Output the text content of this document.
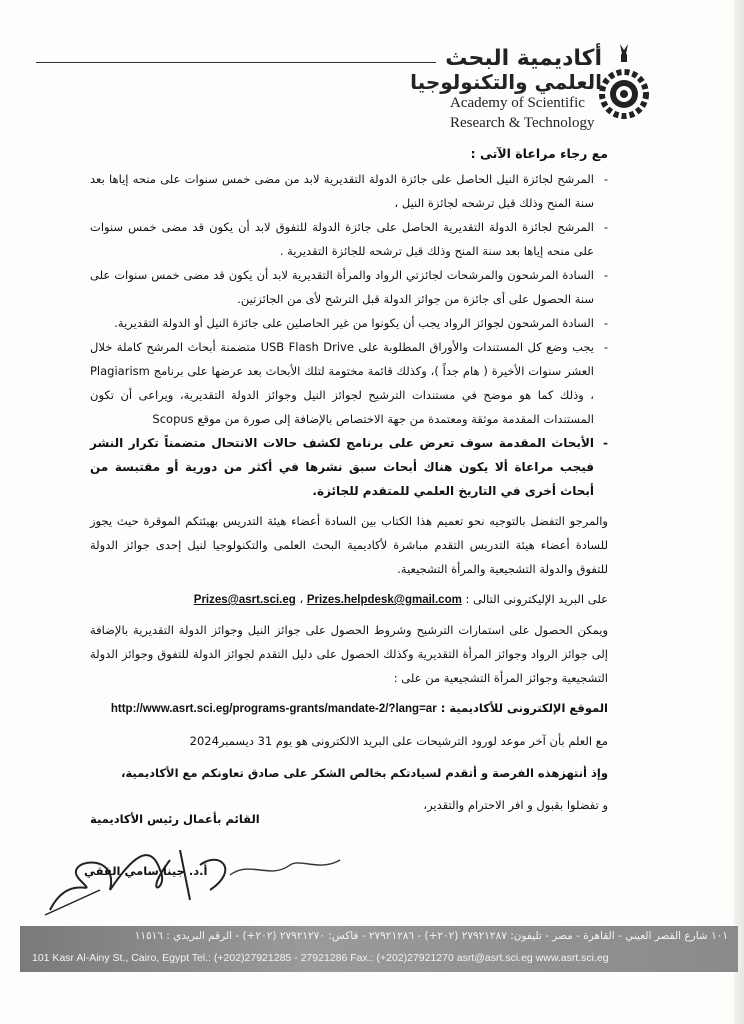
أكاديمية البحث
العلمي والتكنولوجيا
Academy of Scientific
Research & Technology
مع رجاء مراعاة الآتى :
-
المرشح لجائزة النيل الحاصل على جائزة الدولة التقديرية لابد من مضى خمس سنوات على منحه إياها بعد سنة المنح وذلك قبل ترشحه لجائزة النيل ،
-
المرشح لجائزة الدولة التقديرية الحاصل على جائزة الدولة للتفوق لابد أن يكون قد مضى خمس سنوات على منحه إياها بعد سنة المنح وذلك قبل ترشحه للجائزة التقديرية .
-
السادة المرشحون والمرشحات لجائزتي الرواد والمرأة التقديرية لابد أن يكون قد مضى خمس سنوات على سنة الحصول على أى جائزة من جوائز الدولة قبل الترشح لأى من الجائزتين.
-
السادة المرشحون لجوائز الرواد يجب أن يكونوا من غير الحاصلين على جائزة النيل أو الدولة التقديرية.
-
يجب وضع كل المستندات والأوراق المطلوبة على USB Flash Drive متضمنة أبحاث المرشح كاملة خلال العشر سنوات الأخيرة ( هام جداً )، وكذلك قائمة مختومة لتلك الأبحاث بعد عرضها على برنامج Plagiarism ، وذلك كما هو موضح في مستندات الترشيح لجوائز النيل وجوائز الدولة التقديرية، ويراعى أن تكون المستندات المقدمة موثقة ومعتمدة من جهة الاختصاص بالإضافة إلى صورة من موقع Scopus
-
الأبحاث المقدمة سوف تعرض على برنامج لكشف حالات الانتحال متضمناً تكرار النشر فيجب مراعاة ألا يكون هناك أبحاث سبق نشرها في أكثر من دورية أو مقتبسة من أبحاث أخرى في التاريخ العلمي للمتقدم للجائزة.

والمرجو التفضل بالتوجيه نحو تعميم هذا الكتاب بين السادة أعضاء هيئة التدريس بهيئتكم الموقرة حيث يجوز للسادة أعضاء هيئة التدريس التقدم مباشرة لأكاديمية البحث العلمى والتكنولوجيا لنيل إحدى جوائز الدولة للتفوق والدولة التشجيعية والمرأة التشجيعية.

على البريد الإليكترونى التالى : Prizes@asrt.sci.eg ، Prizes.helpdesk@gmail.com

ويمكن الحصول على استمارات الترشيح وشروط الحصول على جوائز النيل وجوائز الدولة التقديرية بالإضافة إلى جوائز الرواد وجوائز المرأة التقديرية وكذلك الحصول على دليل التقدم لجوائز الدولة للتفوق وجوائز الدولة التشجيعية وجوائز المرأة التشجيعية من على :

الموقع الإلكترونى للأكاديمية : http://www.asrt.sci.eg/programs-grants/mandate-2/?lang=ar

مع العلم بأن آخر موعد لورود الترشيحات على البريد الالكترونى هو يوم 31 ديسمبر2024

وإذ أنتهزهذه الفرصة و أتقدم لسيادتكم بخالص الشكر على صادق تعاونكم مع الأكاديمية،

و تفضلوا بقبول و افر الاحترام والتقدير،

القائم بأعمال رئيس الأكاديمية
أ.د. جينا سامي الفقي
١٠١ شارع القصر العيني - القاهرة - مصر - تليفون: ٢٧٩٢١٢٨٧ (٢٠٢+) - ٢٧٩٢١٢٨٦ - فاكس: ٢٧٩٢١٢٧٠ (٢٠٢+) - الرقم البريدي : ١١٥١٦
101 Kasr Al-Ainy St., Cairo, Egypt Tel.: (+202)27921285 - 27921286 Fax.: (+202)27921270 asrt@asrt.sci.eg www.asrt.sci.eg
